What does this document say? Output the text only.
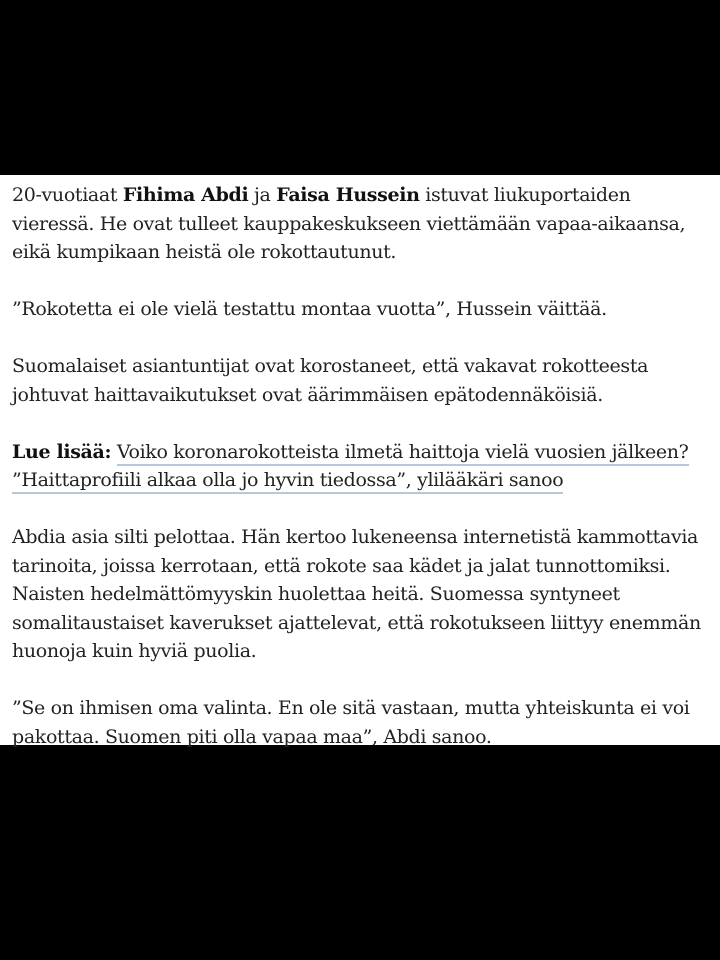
20-vuotiaat Fihima Abdi ja Faisa Hussein istuvat liukuportaiden
vieressä. He ovat tulleet kauppakeskukseen viettämään vapaa-aikaansa,
eikä kumpikaan heistä ole rokottautunut.
”Rokotetta ei ole vielä testattu montaa vuotta”, Hussein väittää.
Suomalaiset asiantuntijat ovat korostaneet, että vakavat rokotteesta
johtuvat haittavaikutukset ovat äärimmäisen epätodennäköisiä.
Lue lisää: Voiko koronarokotteista ilmetä haittoja vielä vuosien jälkeen?
”Haittaprofiili alkaa olla jo hyvin tiedossa”, ylilääkäri sanoo
Abdia asia silti pelottaa. Hän kertoo lukeneensa internetistä kammottavia
tarinoita, joissa kerrotaan, että rokote saa kädet ja jalat tunnottomiksi.
Naisten hedelmättömyyskin huolettaa heitä. Suomessa syntyneet
somalitaustaiset kaverukset ajattelevat, että rokotukseen liittyy enemmän
huonoja kuin hyviä puolia.
”Se on ihmisen oma valinta. En ole sitä vastaan, mutta yhteiskunta ei voi
pakottaa. Suomen piti olla vapaa maa”, Abdi sanoo.
